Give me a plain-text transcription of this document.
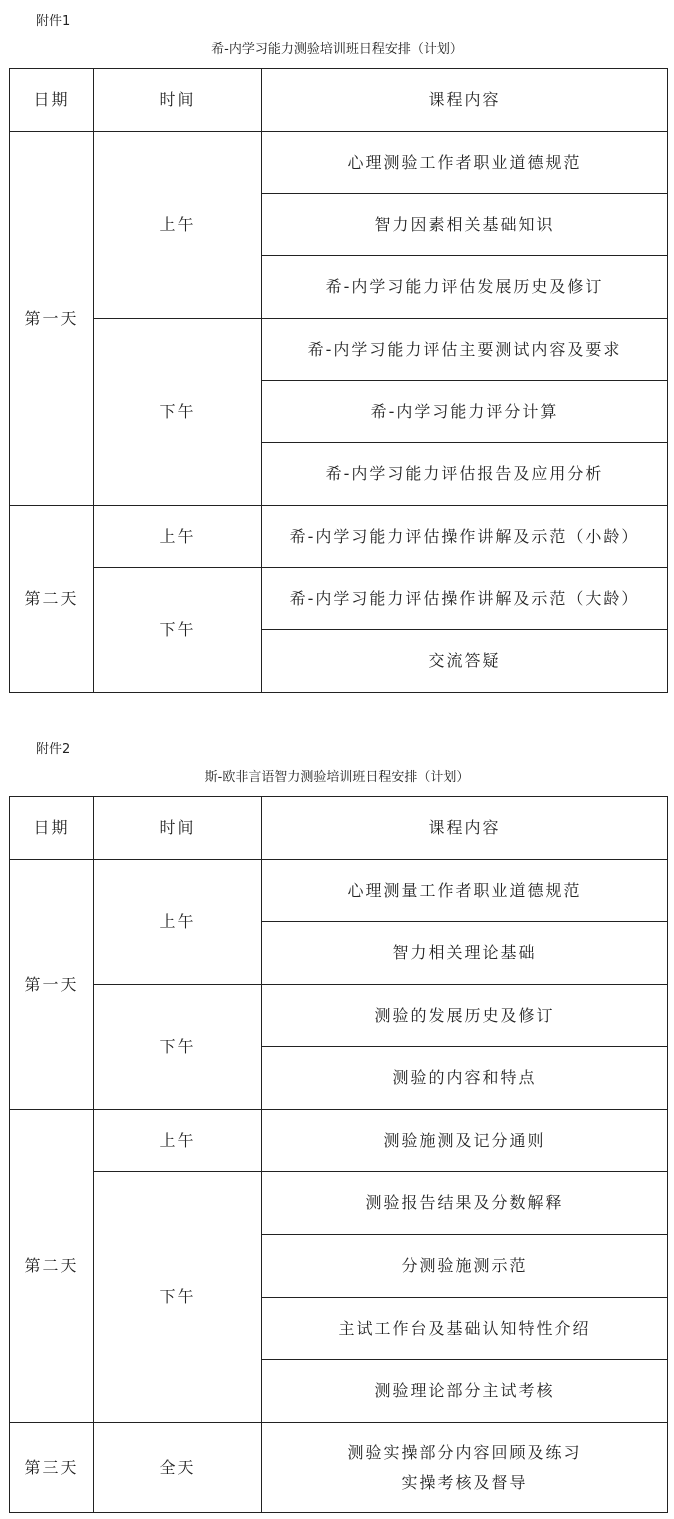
附件1
希-内学习能力测验培训班日程安排（计划）
日期	时间	课程内容
第一天	上午	心理测验工作者职业道德规范
		智力因素相关基础知识
		希-内学习能力评估发展历史及修订
	下午	希-内学习能力评估主要测试内容及要求
		希-内学习能力评分计算
		希-内学习能力评估报告及应用分析
第二天	上午	希-内学习能力评估操作讲解及示范（小龄）
	下午	希-内学习能力评估操作讲解及示范（大龄）
		交流答疑
附件2
斯-欧非言语智力测验培训班日程安排（计划）
日期	时间	课程内容
第一天	上午	心理测量工作者职业道德规范
		智力相关理论基础
	下午	测验的发展历史及修订
		测验的内容和特点
第二天	上午	测验施测及记分通则
	下午	测验报告结果及分数解释
		分测验施测示范
		主试工作台及基础认知特性介绍
		测验理论部分主试考核
第三天	全天	测验实操部分内容回顾及练习
实操考核及督导
